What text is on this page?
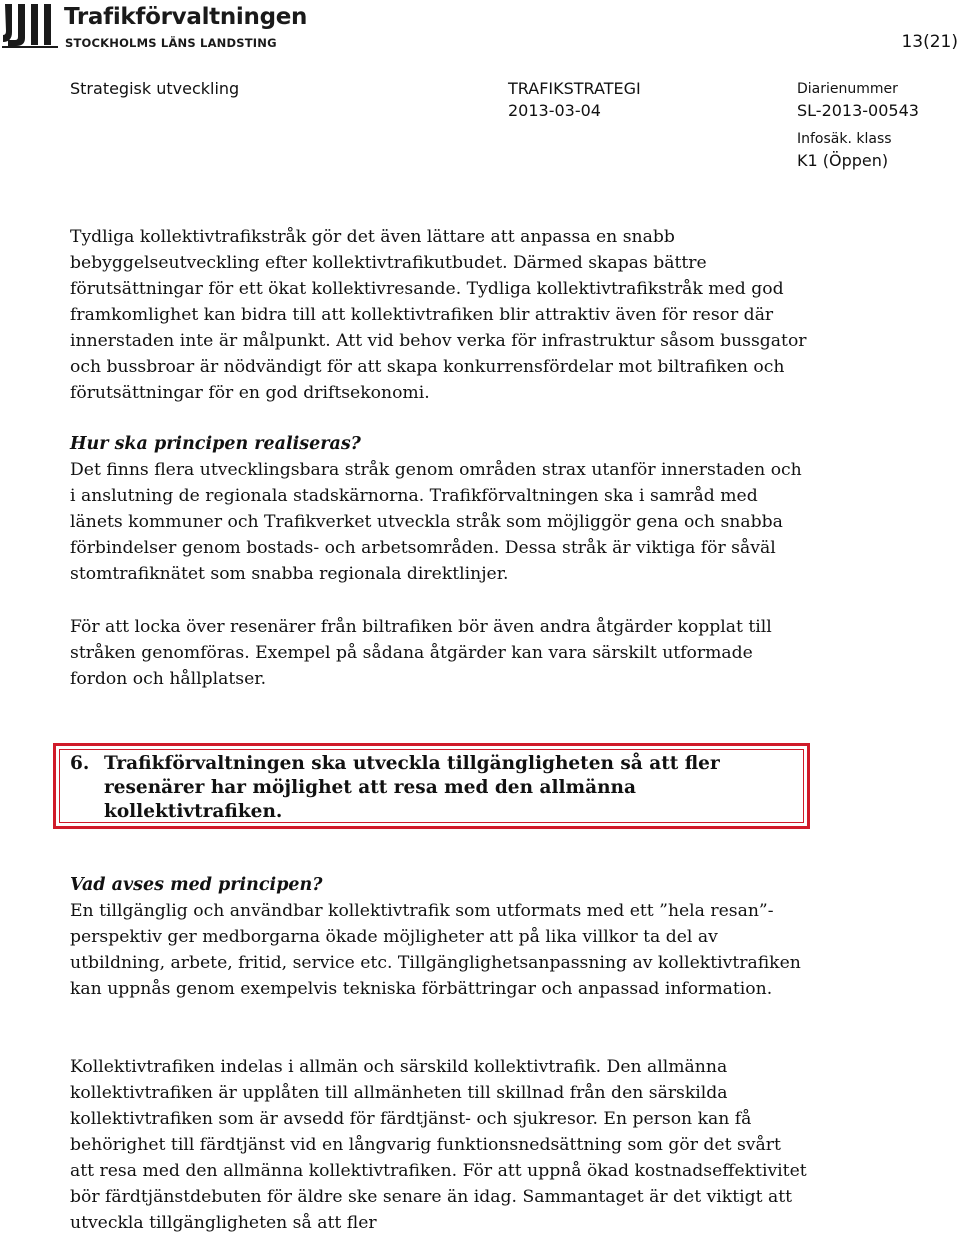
Trafikförvaltningen
STOCKHOLMS LÄNS LANDSTING	13(21)
Strategisk utveckling	TRAFIKSTRATEGI
2013-03-04
Diarienummer
SL-2013-00543
Infosäk. klass
K1 (Öppen)

Tydliga kollektivtrafikstråk gör det även lättare att anpassa en snabb bebyggelseutveckling efter kollektivtrafikutbudet. Därmed skapas bättre förutsättningar för ett ökat kollektivresande. Tydliga kollektivtrafikstråk med god framkomlighet kan bidra till att kollektivtrafiken blir attraktiv även för resor där innerstaden inte är målpunkt. Att vid behov verka för infrastruktur såsom bussgator och bussbroar är nödvändigt för att skapa konkurrensfördelar mot biltrafiken och förutsättningar för en god driftsekonomi.

Hur ska principen realiseras?

Det finns flera utvecklingsbara stråk genom områden strax utanför innerstaden och i anslutning de regionala stadskärnorna. Trafikförvaltningen ska i samråd med länets kommuner och Trafikverket utveckla stråk som möjliggör gena och snabba förbindelser genom bostads- och arbetsområden. Dessa stråk är viktiga för såväl stomtrafiknätet som snabba regionala direktlinjer.

För att locka över resenärer från biltrafiken bör även andra åtgärder kopplat till stråken genomföras. Exempel på sådana åtgärder kan vara särskilt utformade fordon och hållplatser.

6. Trafikförvaltningen ska utveckla tillgängligheten så att fler resenärer har möjlighet att resa med den allmänna kollektivtrafiken.

Vad avses med principen?

En tillgänglig och användbar kollektivtrafik som utformats med ett ”hela resan”-perspektiv ger medborgarna ökade möjligheter att på lika villkor ta del av utbildning, arbete, fritid, service etc. Tillgänglighetsanpassning av kollektivtrafiken kan uppnås genom exempelvis tekniska förbättringar och anpassad information.

Kollektivtrafiken indelas i allmän och särskild kollektivtrafik. Den allmänna kollektivtrafiken är upplåten till allmänheten till skillnad från den särskilda kollektivtrafiken som är avsedd för färdtjänst- och sjukresor. En person kan få behörighet till färdtjänst vid en långvarig funktionsnedsättning som gör det svårt att resa med den allmänna kollektivtrafiken. För att uppnå ökad kostnadseffektivitet bör färdtjänstdebuten för äldre ske senare än idag. Sammantaget är det viktigt att utveckla tillgängligheten så att fler
